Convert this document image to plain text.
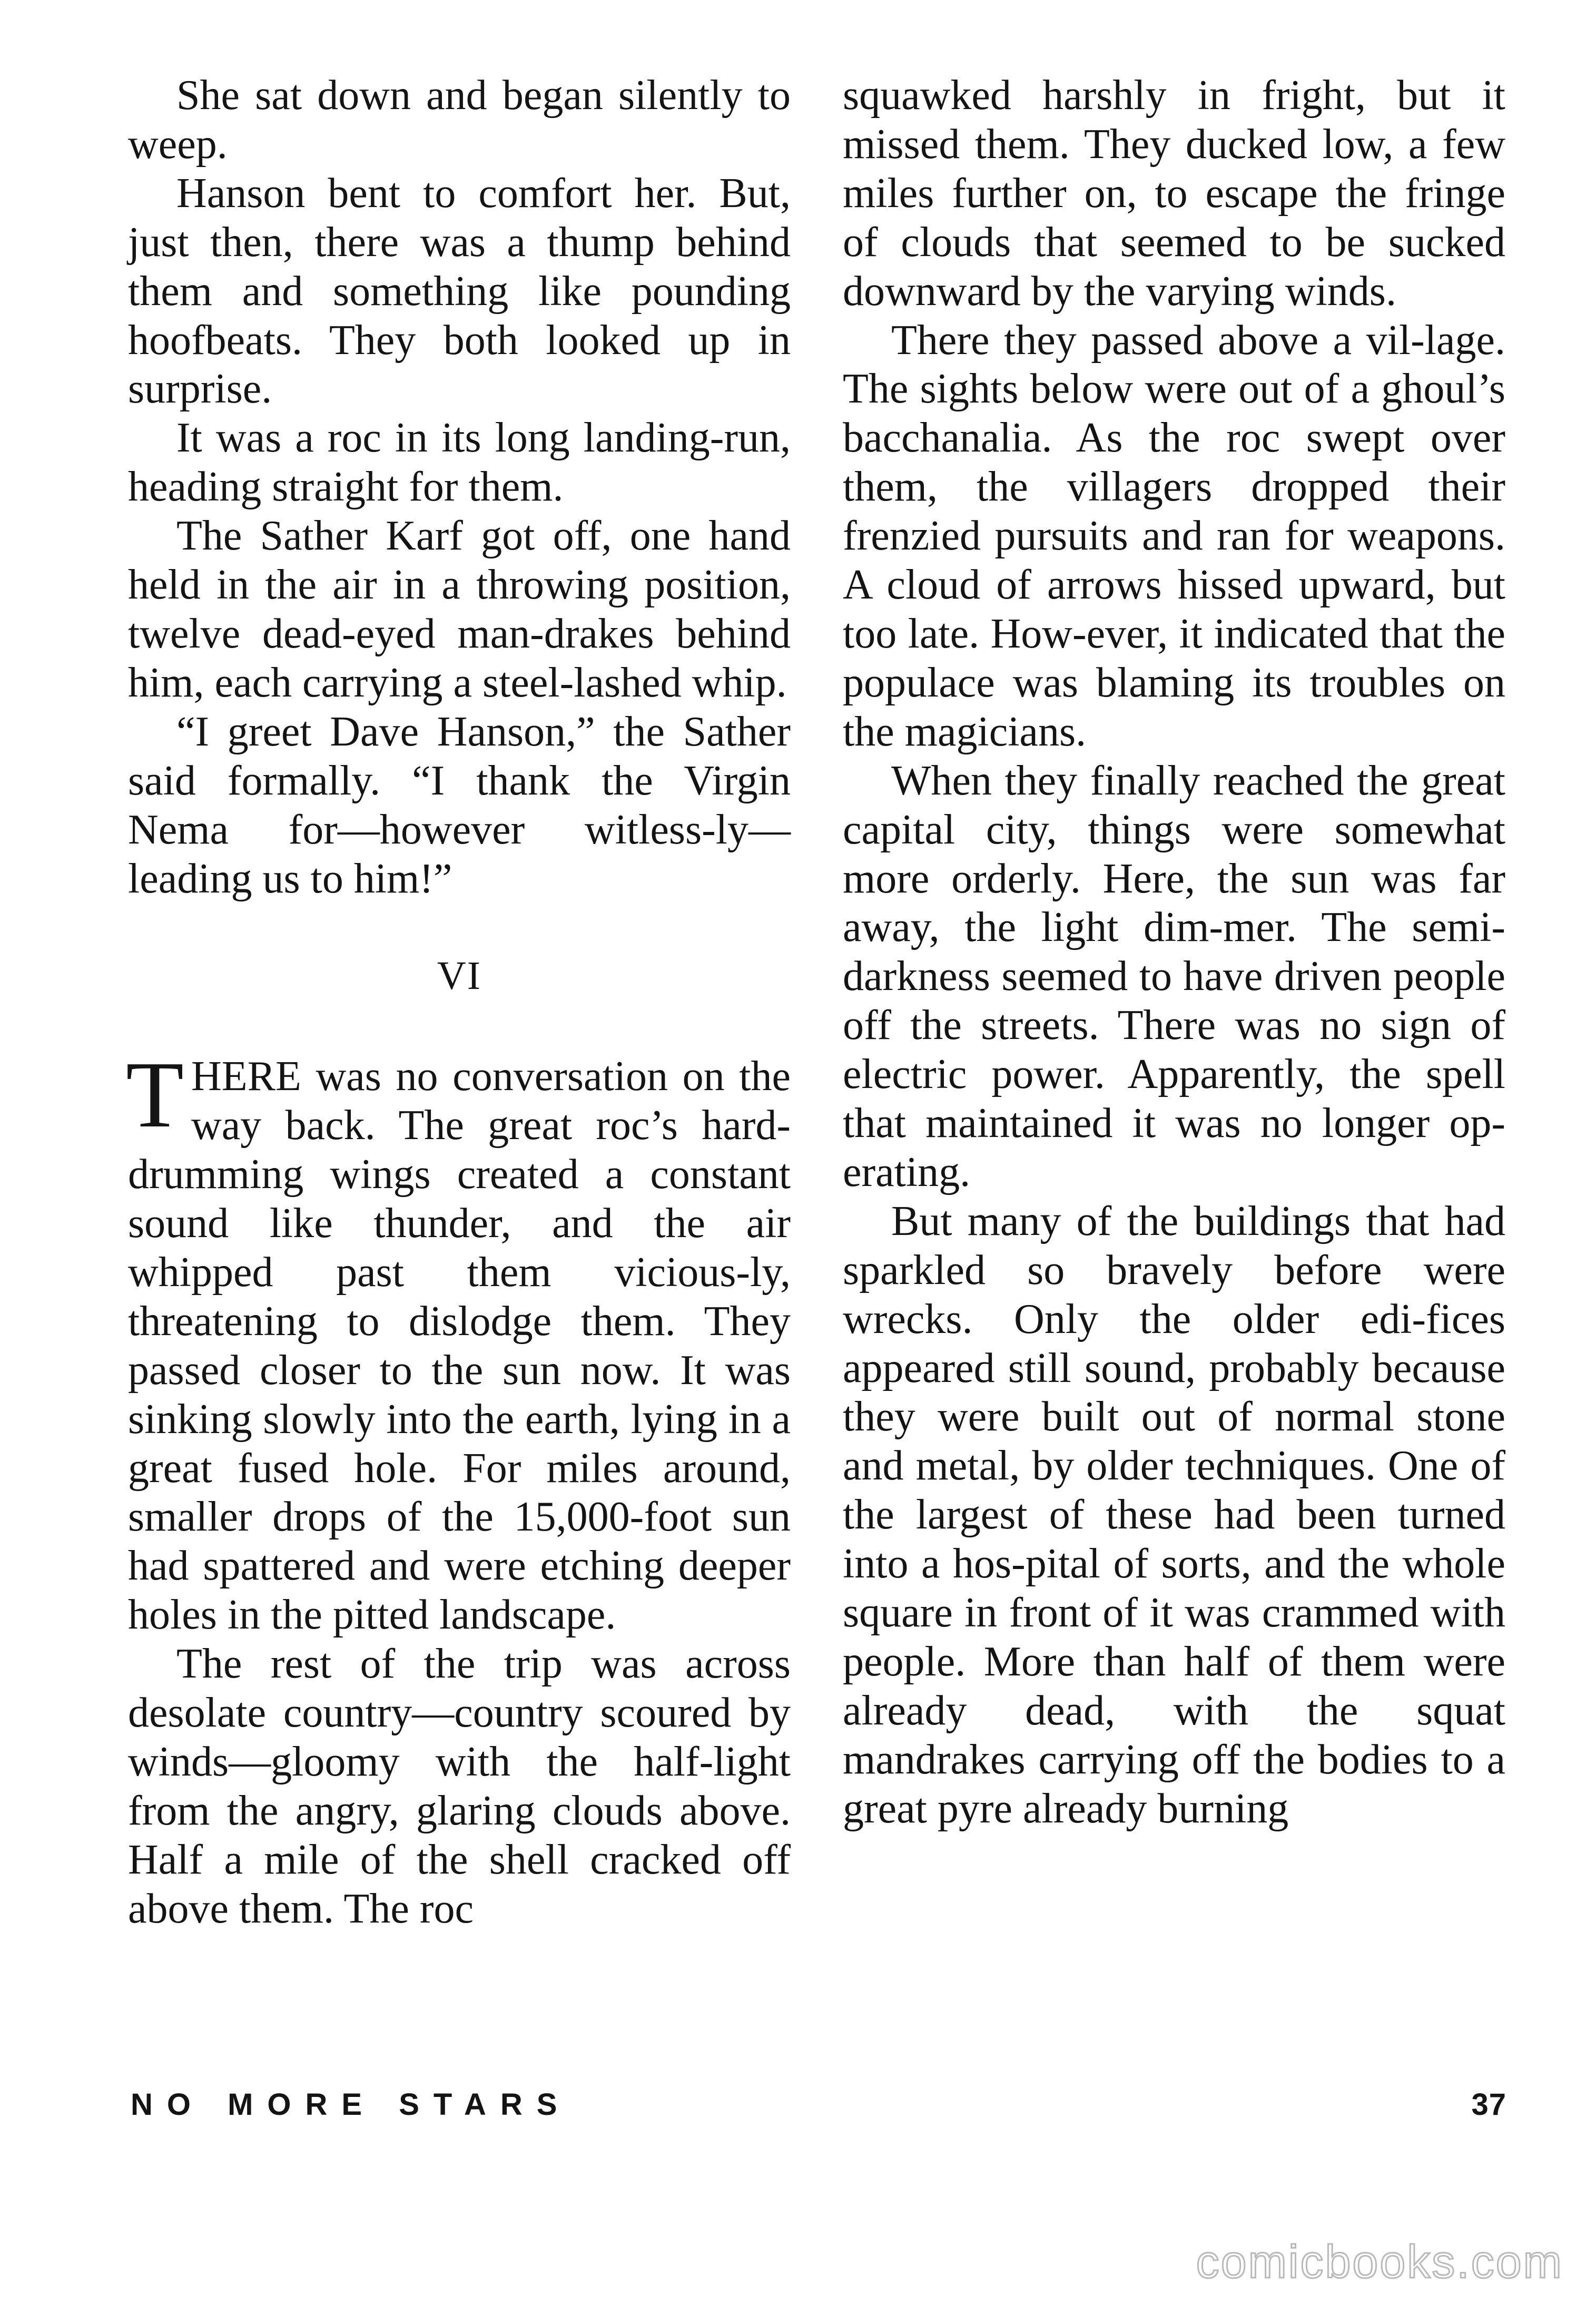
She sat down and began silently to weep.

Hanson bent to comfort her. But, just then, there was a thump behind them and something like pounding hoofbeats. They both looked up in surprise.

It was a roc in its long landing-run, heading straight for them.

The Sather Karf got off, one hand held in the air in a throwing position, twelve dead-eyed man-drakes behind him, each carrying a steel-lashed whip.

“I greet Dave Hanson,” the Sather said formally. “I thank the Virgin Nema for—however witless-ly—leading us to him!”

VI

THERE was no conversation on the way back. The great roc’s hard-drumming wings created a constant sound like thunder, and the air whipped past them vicious-ly, threatening to dislodge them. They passed closer to the sun now. It was sinking slowly into the earth, lying in a great fused hole. For miles around, smaller drops of the 15,000-foot sun had spattered and were etching deeper holes in the pitted landscape.

The rest of the trip was across desolate country—country scoured by winds—gloomy with the half-light from the angry, glaring clouds above. Half a mile of the shell cracked off above them. The roc

squawked harshly in fright, but it missed them. They ducked low, a few miles further on, to escape the fringe of clouds that seemed to be sucked downward by the varying winds.

There they passed above a vil-lage. The sights below were out of a ghoul’s bacchanalia. As the roc swept over them, the villagers dropped their frenzied pursuits and ran for weapons. A cloud of arrows hissed upward, but too late. How-ever, it indicated that the populace was blaming its troubles on the magicians.

When they finally reached the great capital city, things were somewhat more orderly. Here, the sun was far away, the light dim-mer. The semi-darkness seemed to have driven people off the streets. There was no sign of electric power. Apparently, the spell that maintained it was no longer op-erating.

But many of the buildings that had sparkled so bravely before were wrecks. Only the older edi-fices appeared still sound, probably because they were built out of normal stone and metal, by older techniques. One of the largest of these had been turned into a hos-pital of sorts, and the whole square in front of it was crammed with people. More than half of them were already dead, with the squat mandrakes carrying off the bodies to a great pyre already burning

NO MORE STARS	37
comicbooks.com
